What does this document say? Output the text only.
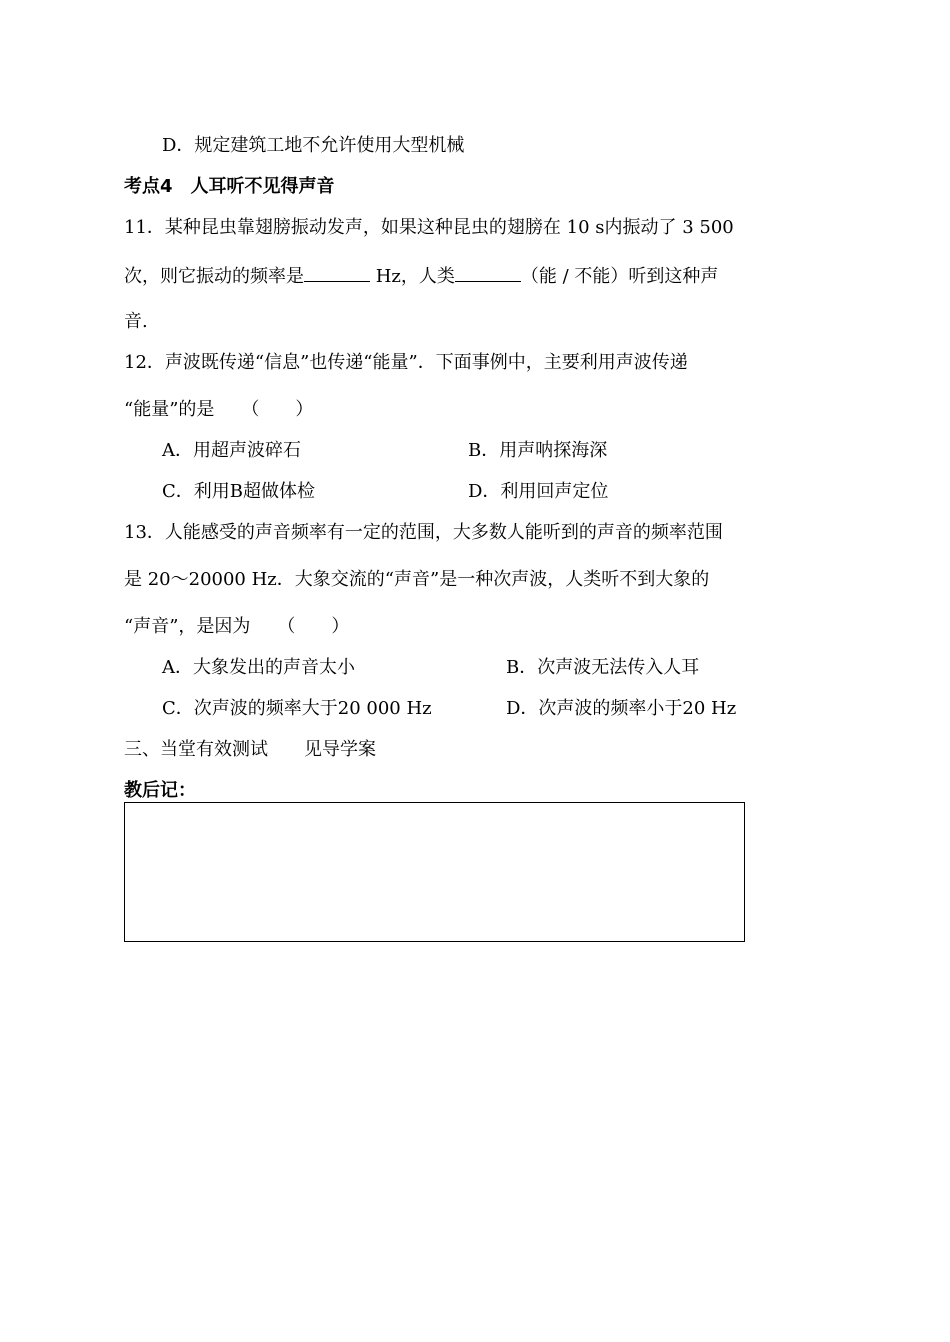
D．规定建筑工地不允许使用大型机械
考点4　人耳听不见得声音
11．某种昆虫靠翅膀振动发声，如果这种昆虫的翅膀在 10 s内振动了 3 500
次，则它振动的频率是	Hz，人类	（能 / 不能）听到这种声
音.
12．声波既传递“信息”也传递“能量”．下面事例中，主要利用声波传递
“能量”的是　　（　　）
A．用超声波碎石	B．用声呐探海深
C．利用B超做体检	D．利用回声定位
13．人能感受的声音频率有一定的范围，大多数人能听到的声音的频率范围
是 20～20000 Hz．大象交流的“声音”是一种次声波，人类听不到大象的
“声音”，是因为　　（　　）
A．大象发出的声音太小	B．次声波无法传入人耳
C．次声波的频率大于20 000 Hz	D．次声波的频率小于20 Hz
三、当堂有效测试　　见导学案
教后记：
